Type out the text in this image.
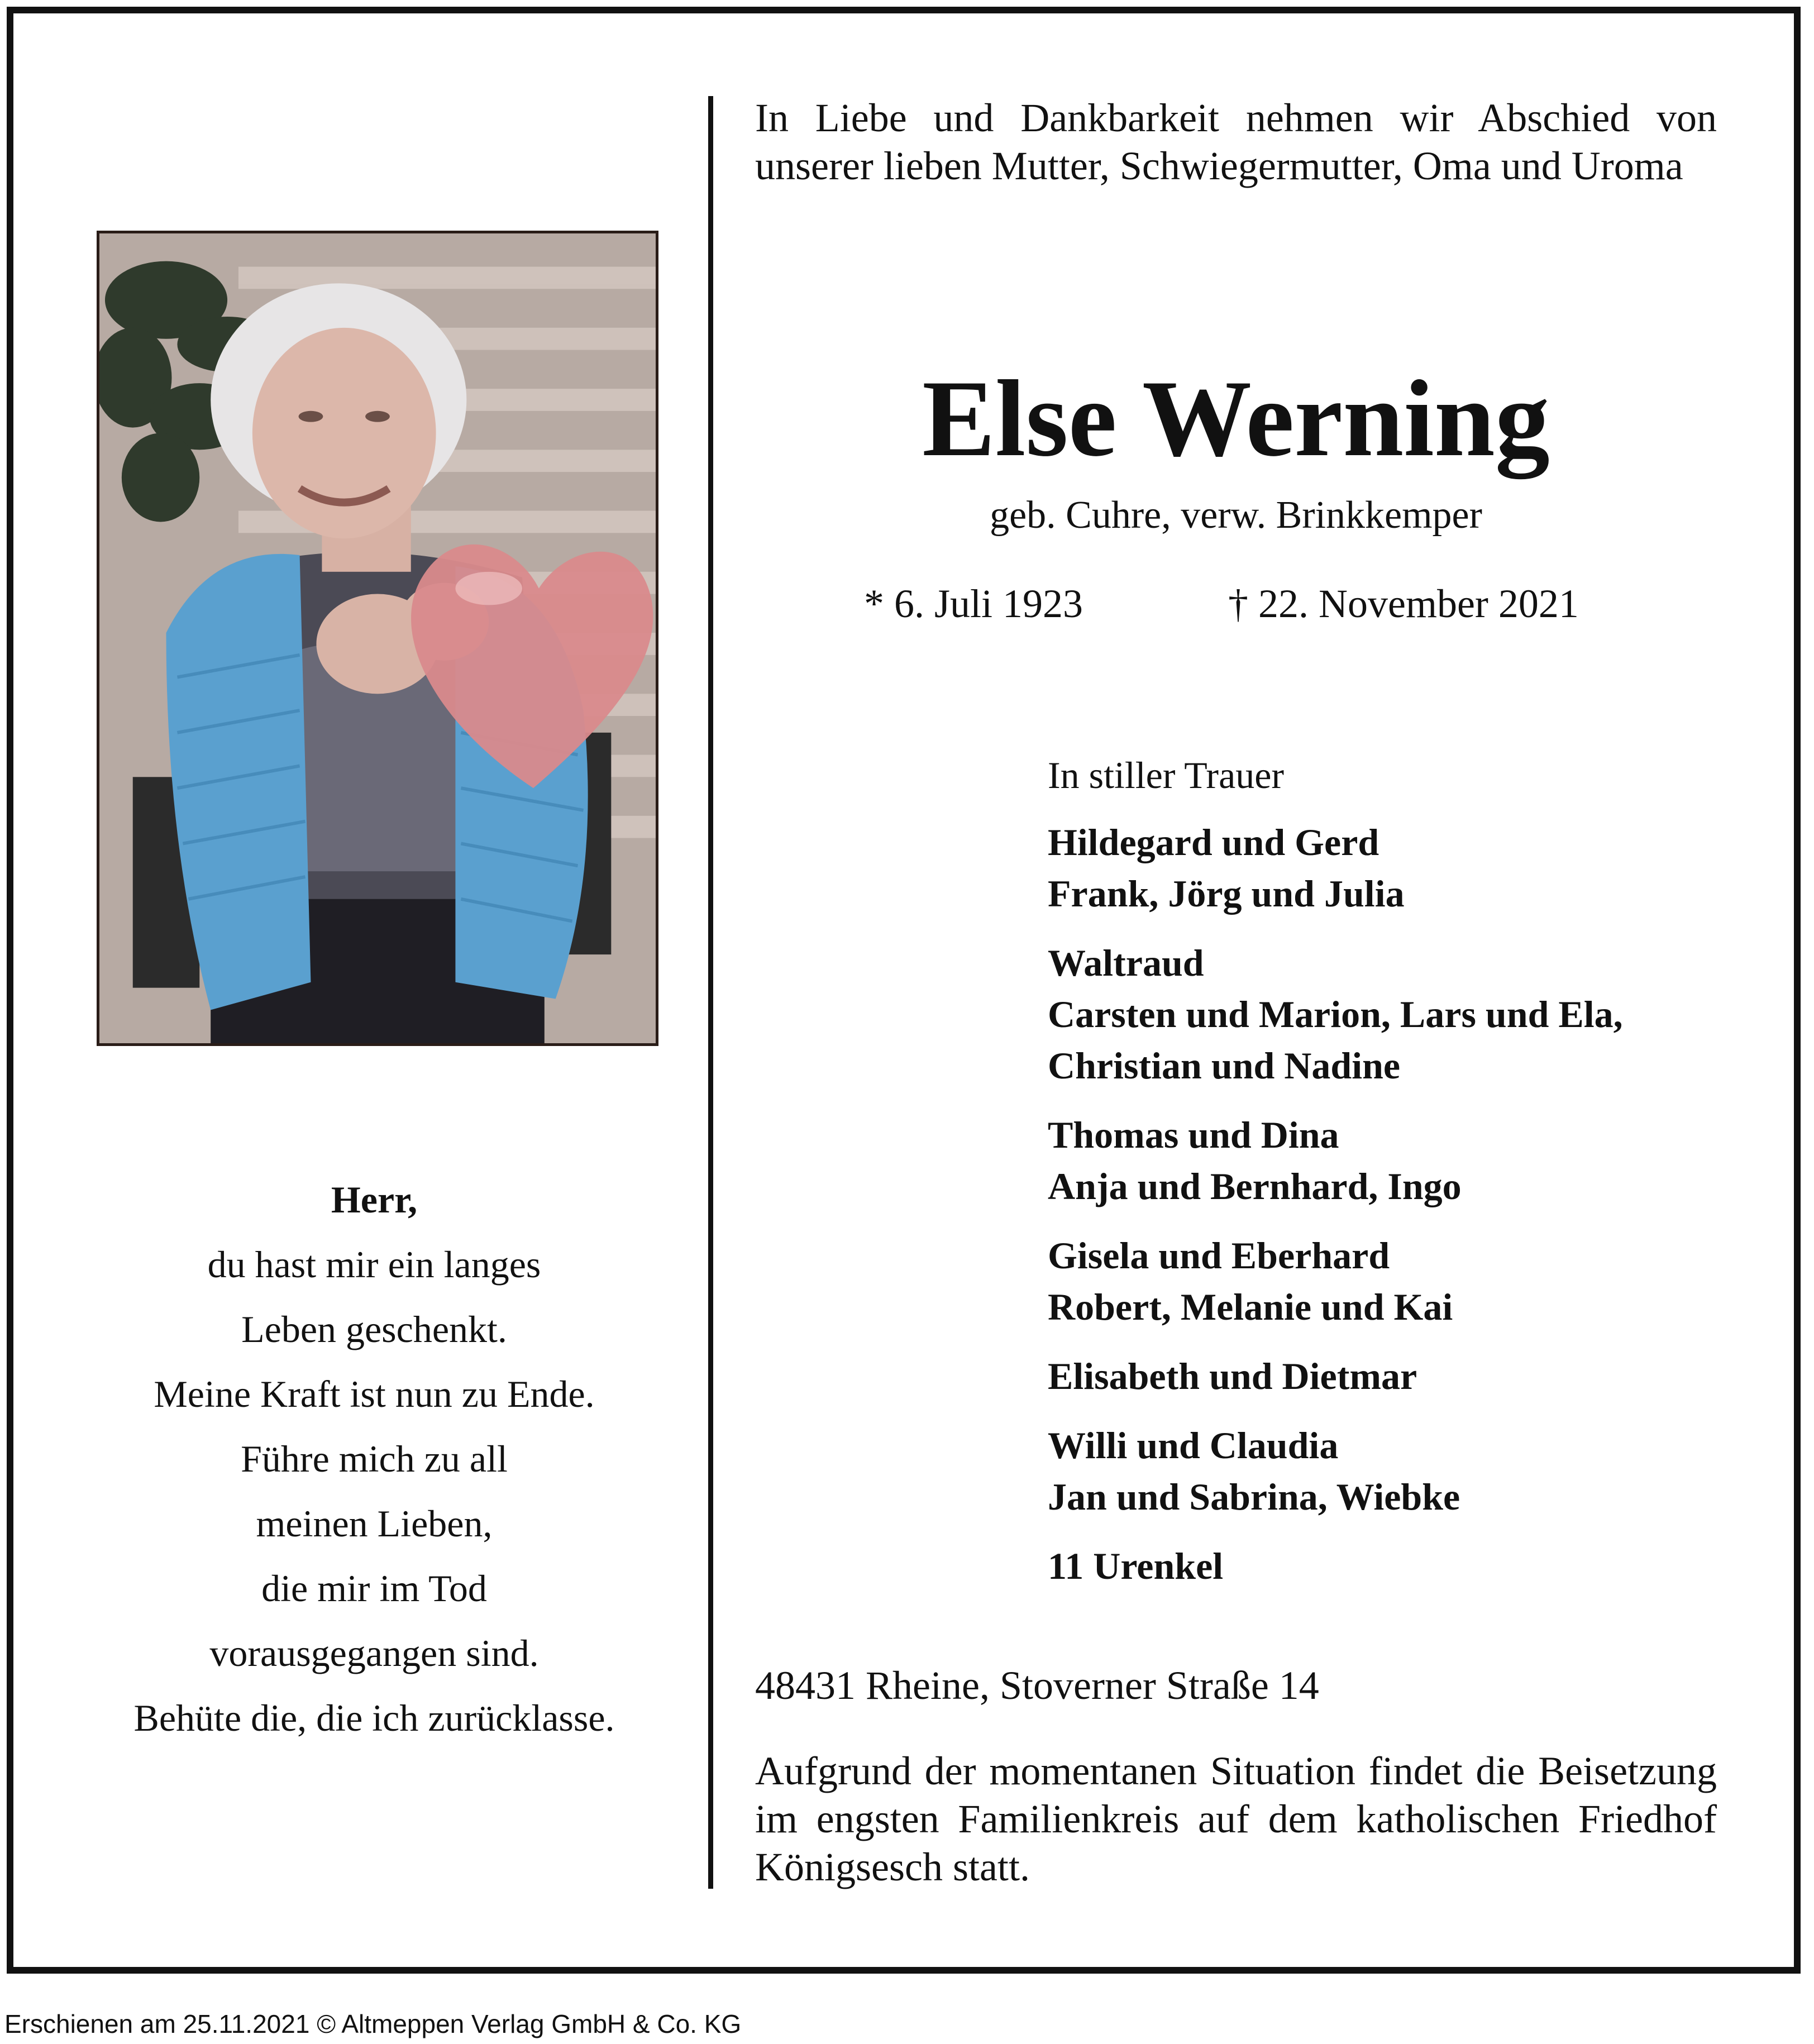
Herr,
du hast mir ein langes
Leben geschenkt.
Meine Kraft ist nun zu Ende.
Führe mich zu all
meinen Lieben,
die mir im Tod
vorausgegangen sind.
Behüte die, die ich zurücklasse.
In Liebe und Dankbarkeit nehmen wir Abschied von unserer lieben Mutter, Schwiegermutter, Oma und Uroma
Else Werning
geb. Cuhre, verw. Brinkkemper
* 6. Juli 1923	† 22. November 2021
In stiller Trauer
Hildegard und Gerd
Frank, Jörg und Julia
Waltraud
Carsten und Marion, Lars und Ela,
Christian und Nadine
Thomas und Dina
Anja und Bernhard, Ingo
Gisela und Eberhard
Robert, Melanie und Kai
Elisabeth und Dietmar
Willi und Claudia
Jan und Sabrina, Wiebke
11 Urenkel
48431 Rheine, Stoverner Straße 14
Aufgrund der momentanen Situation findet die Beisetzung im engsten Familienkreis auf dem katholischen Friedhof Königsesch statt.
Erschienen am 25.11.2021 © Altmeppen Verlag GmbH & Co. KG
